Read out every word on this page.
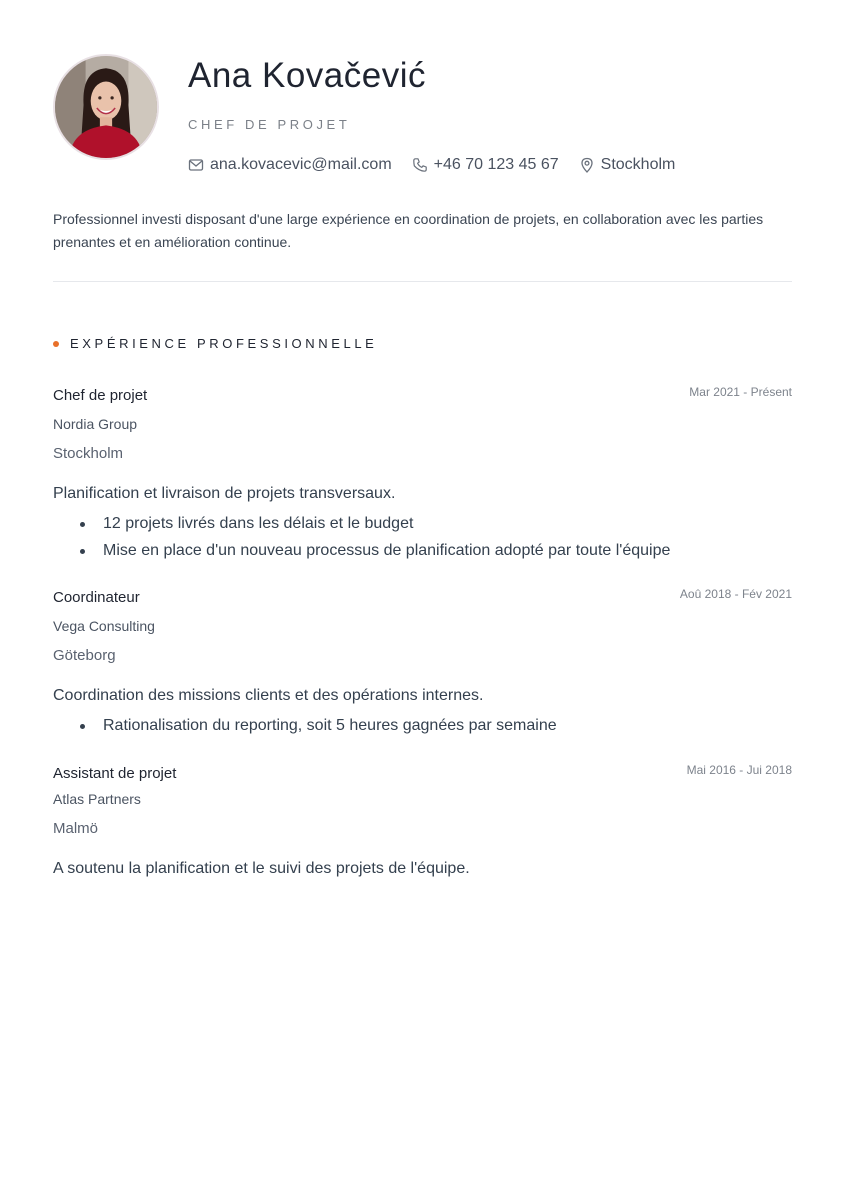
Ana Kovačević
CHEF DE PROJET
ana.kovacevic@mail.com	+46 70 123 45 67	Stockholm
Professionnel investi disposant d'une large expérience en coordination de projets, en collaboration avec les parties prenantes et en amélioration continue.
EXPÉRIENCE PROFESSIONNELLE
Chef de projet	Mar 2021 - Présent
Nordia Group
Stockholm
Planification et livraison de projets transversaux.
12 projets livrés dans les délais et le budget
Mise en place d'un nouveau processus de planification adopté par toute l'équipe
Coordinateur	Aoû 2018 - Fév 2021
Vega Consulting
Göteborg
Coordination des missions clients et des opérations internes.
Rationalisation du reporting, soit 5 heures gagnées par semaine
Assistant de projet	Mai 2016 - Jui 2018
Atlas Partners
Malmö
A soutenu la planification et le suivi des projets de l'équipe.
